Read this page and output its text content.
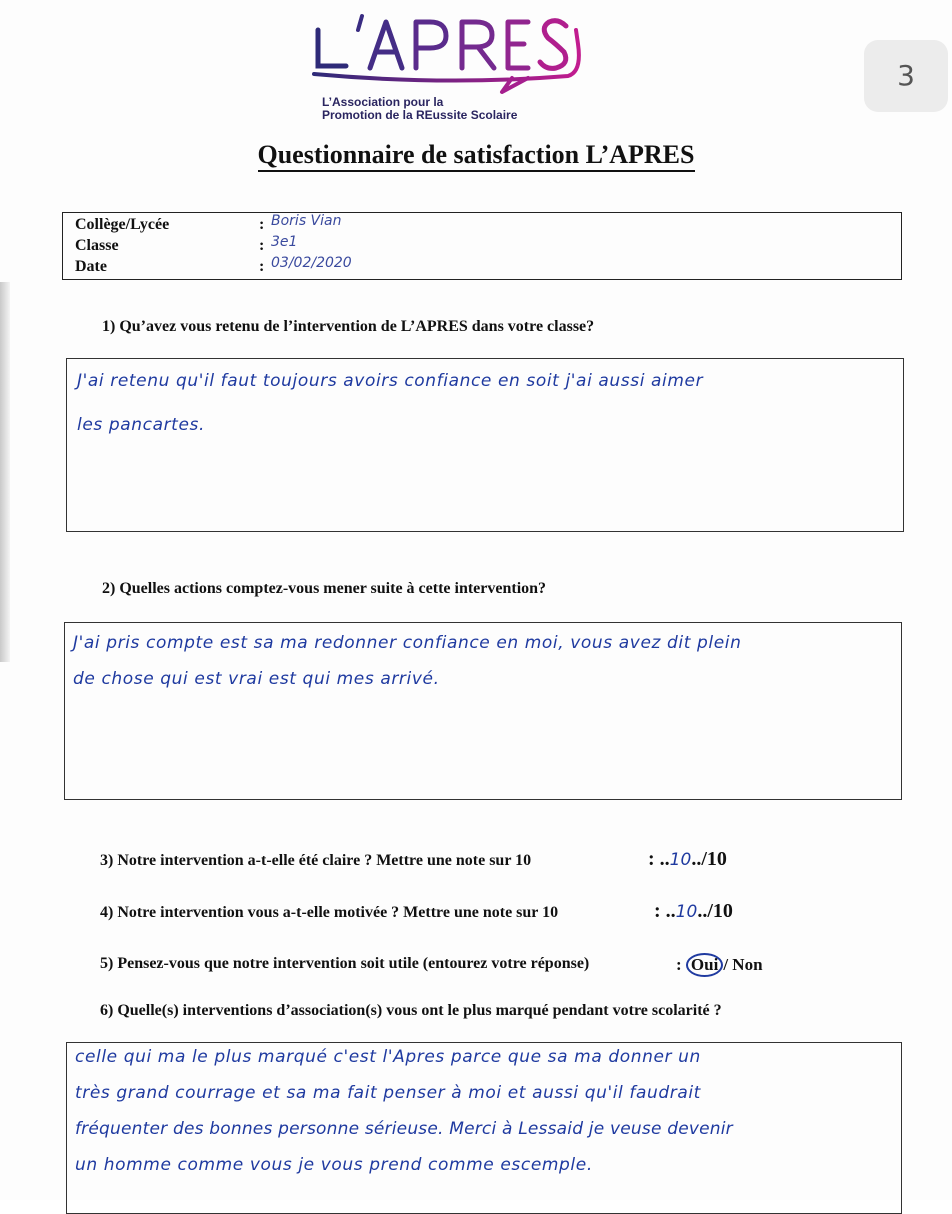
L’Association pour la
Promotion de la REussite Scolaire
3
Questionnaire de satisfaction L’APRES
Collège/Lycée	: Boris Vian
Classe	: 3e1
Date	: 03/02/2020
1) Qu’avez vous retenu de l’intervention de L’APRES dans votre classe?
J'ai retenu qu'il faut toujours avoirs confiance en soit j'ai aussi aimer
les pancartes.
2) Quelles actions comptez-vous mener suite à cette intervention?
J'ai pris compte est sa ma redonner confiance en moi, vous avez dit plein
de chose qui est vrai est qui mes arrivé.
3) Notre intervention a-t-elle été claire ? Mettre une note sur 10	: ..10../10
4) Notre intervention vous a-t-elle motivée ? Mettre une note sur 10	: ..10../10
5) Pensez-vous que notre intervention soit utile (entourez votre réponse)	: Oui / Non
6) Quelle(s) interventions d’association(s) vous ont le plus marqué pendant votre scolarité ?
celle qui ma le plus marqué c'est l'Apres parce que sa ma donner un
très grand courrage et sa ma fait penser à moi et aussi qu'il faudrait
fréquenter des bonnes personne sérieuse. Merci à Lessaid je veuse devenir
un homme comme vous je vous prend comme escemple.
